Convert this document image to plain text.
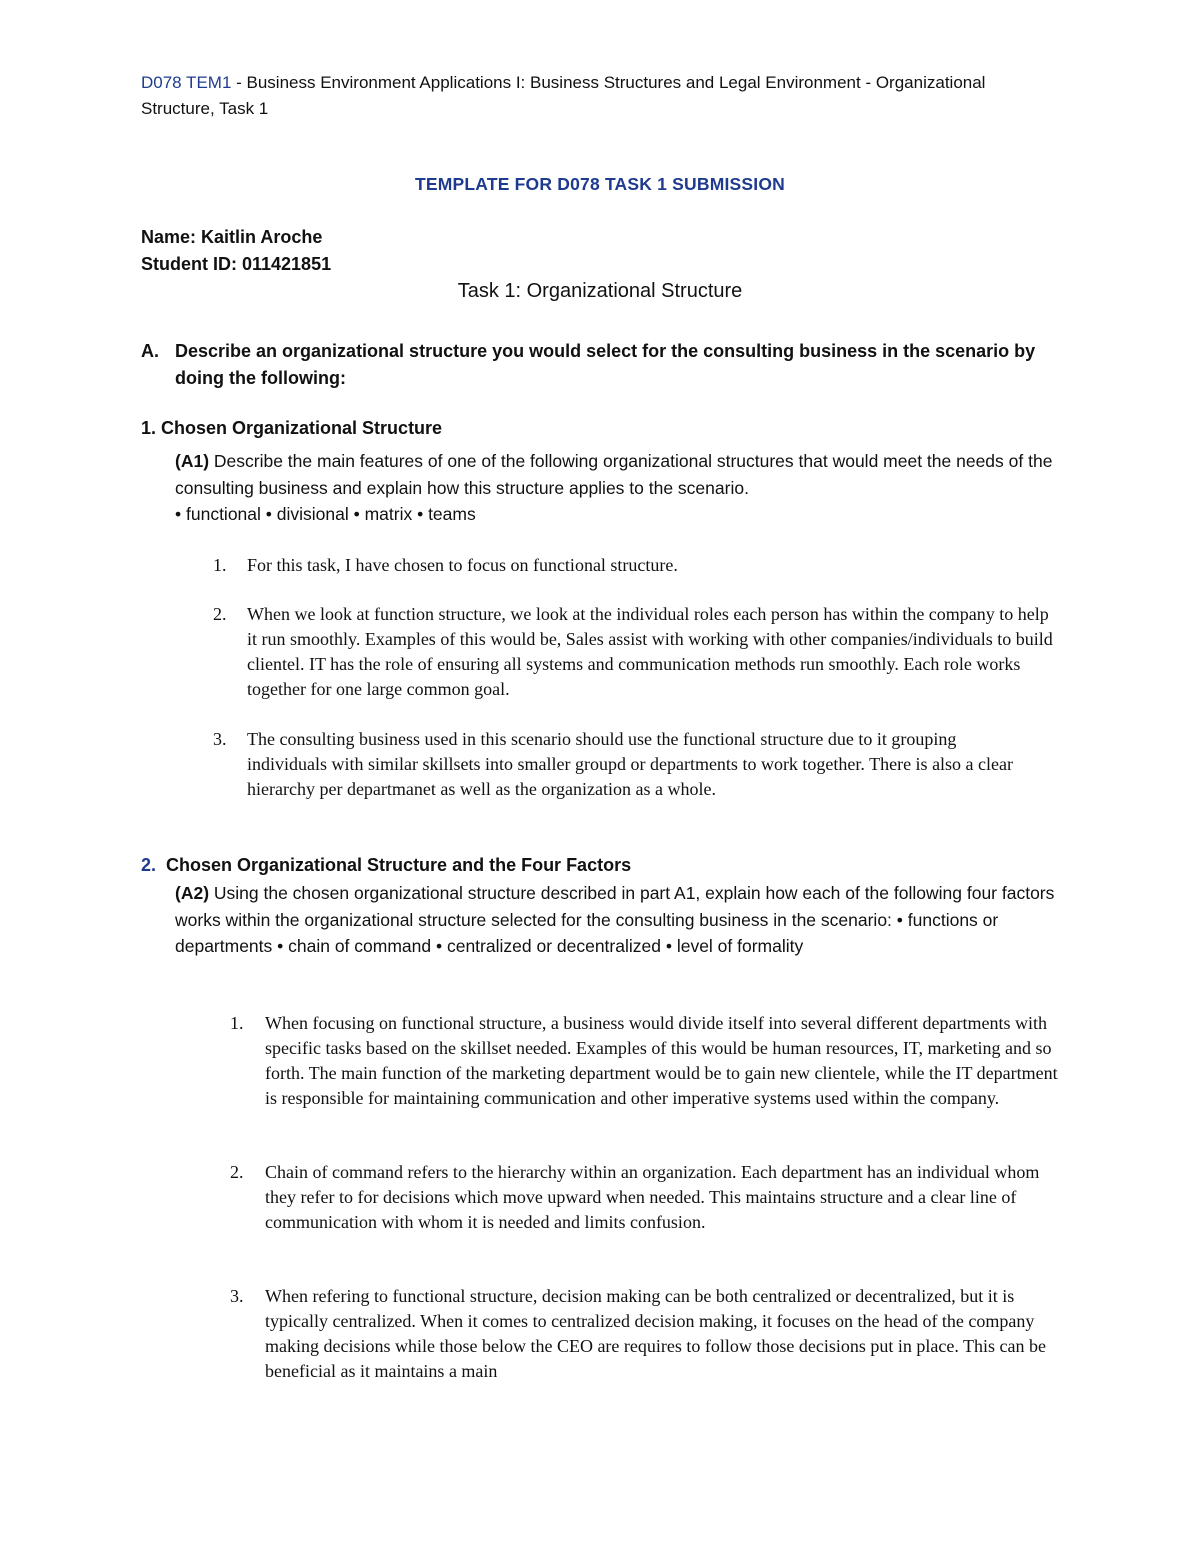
D078 TEM1 - Business Environment Applications I: Business Structures and Legal Environment - Organizational
Structure, Task 1
TEMPLATE FOR D078 TASK 1 SUBMISSION
Name: Kaitlin Aroche
Student ID: 011421851
Task 1: Organizational Structure
A. Describe an organizational structure you would select for the consulting business in the scenario by doing the following:
1. Chosen Organizational Structure
(A1) Describe the main features of one of the following organizational structures that would meet the needs of the consulting business and explain how this structure applies to the scenario.
• functional • divisional • matrix • teams
1. For this task, I have chosen to focus on functional structure.
2. When we look at function structure, we look at the individual roles each person has within the company to help it run smoothly. Examples of this would be, Sales assist with working with other companies/individuals to build clientel. IT has the role of ensuring all systems and communication methods run smoothly. Each role works together for one large common goal.
3. The consulting business used in this scenario should use the functional structure due to it grouping individuals with similar skillsets into smaller groupd or departments to work together. There is also a clear hierarchy per departmanet as well as the organization as a whole.
2. Chosen Organizational Structure and the Four Factors
(A2) Using the chosen organizational structure described in part A1, explain how each of the following four factors works within the organizational structure selected for the consulting business in the scenario: • functions or departments • chain of command • centralized or decentralized • level of formality
1. When focusing on functional structure, a business would divide itself into several different departments with specific tasks based on the skillset needed. Examples of this would be human resources, IT, marketing and so forth. The main function of the marketing department would be to gain new clientele, while the IT department is responsible for maintaining communication and other imperative systems used within the company.
2. Chain of command refers to the hierarchy within an organization. Each department has an individual whom they refer to for decisions which move upward when needed. This maintains structure and a clear line of communication with whom it is needed and limits confusion.
3. When refering to functional structure, decision making can be both centralized or decentralized, but it is typically centralized. When it comes to centralized decision making, it focuses on the head of the company making decisions while those below the CEO are requires to follow those decisions put in place. This can be beneficial as it maintains a main
